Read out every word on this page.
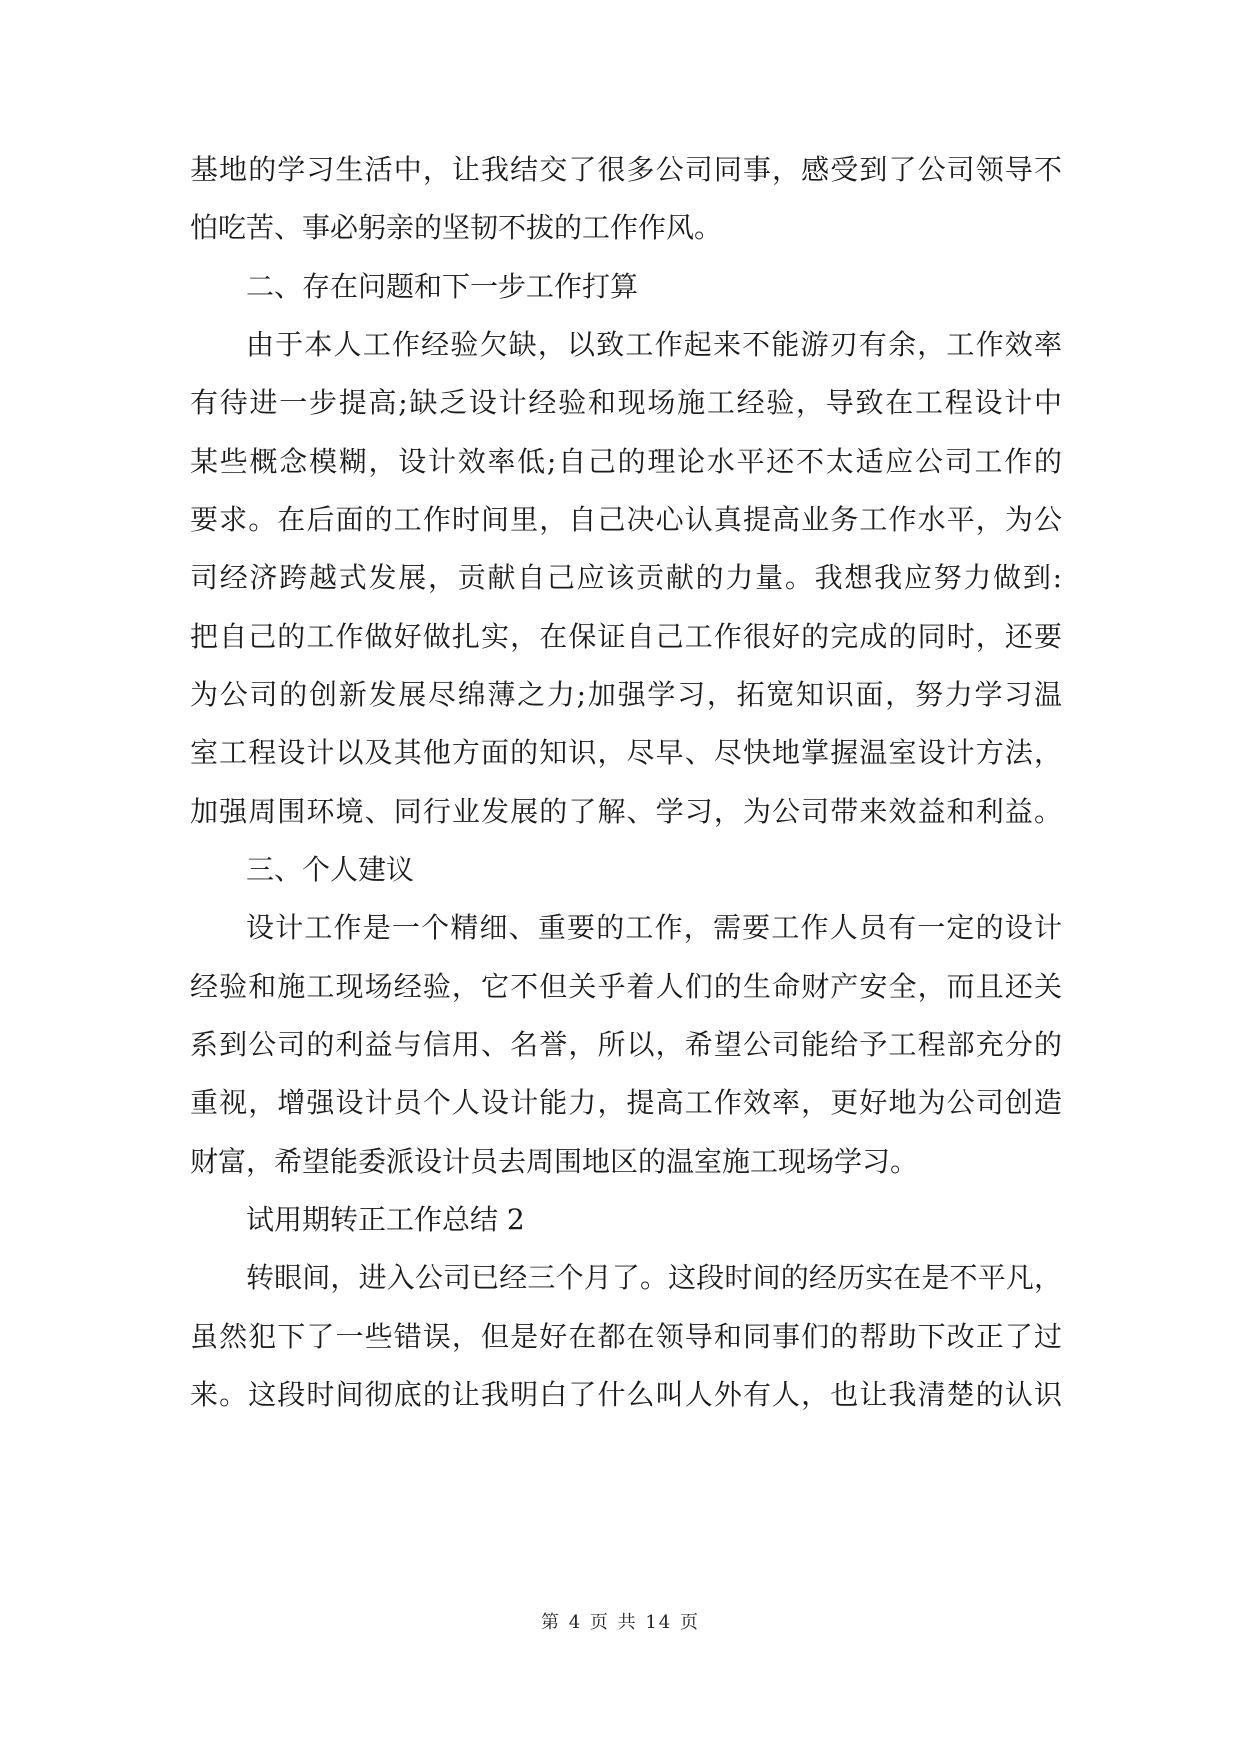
基地的学习生活中，让我结交了很多公司同事，感受到了公司领导不
怕吃苦、事必躬亲的坚韧不拔的工作作风。
二、存在问题和下一步工作打算
由于本人工作经验欠缺，以致工作起来不能游刃有余，工作效率
有待进一步提高;缺乏设计经验和现场施工经验，导致在工程设计中
某些概念模糊，设计效率低;自己的理论水平还不太适应公司工作的
要求。在后面的工作时间里，自己决心认真提高业务工作水平，为公
司经济跨越式发展，贡献自己应该贡献的力量。我想我应努力做到:
把自己的工作做好做扎实，在保证自己工作很好的完成的同时，还要
为公司的创新发展尽绵薄之力;加强学习，拓宽知识面，努力学习温
室工程设计以及其他方面的知识，尽早、尽快地掌握温室设计方法，
加强周围环境、同行业发展的了解、学习，为公司带来效益和利益。
三、个人建议
设计工作是一个精细、重要的工作，需要工作人员有一定的设计
经验和施工现场经验，它不但关乎着人们的生命财产安全，而且还关
系到公司的利益与信用、名誉，所以，希望公司能给予工程部充分的
重视，增强设计员个人设计能力，提高工作效率，更好地为公司创造
财富，希望能委派设计员去周围地区的温室施工现场学习。
试用期转正工作总结 2
转眼间，进入公司已经三个月了。这段时间的经历实在是不平凡，
虽然犯下了一些错误，但是好在都在领导和同事们的帮助下改正了过
来。这段时间彻底的让我明白了什么叫人外有人，也让我清楚的认识
第 4 页 共 14 页
